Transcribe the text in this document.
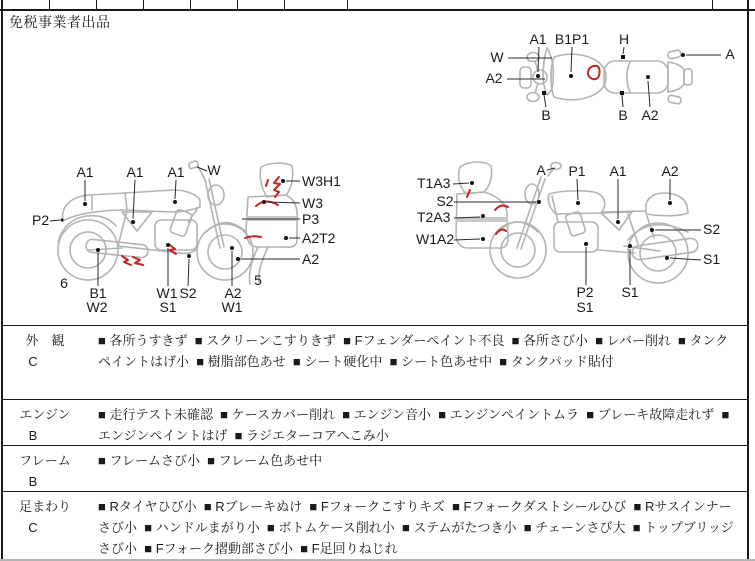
免税事業者出品
A1 B1P1 H
W
A2
A
B	B A2
A1 A1 A1 W
P2
W3H1
W3
P3
A2T2
A2
6
B1
W2
W1
S1
S2 A2
W1
5
T1A3
S2
T2A3
W1A2
A P1 A1 A2
S2
S1
P2
S1
S1
外　観
C
■ 各所うすきず  ■ スクリーンこすりきず  ■ Fフェンダーペイント不良  ■ 各所さび小  ■ レバー削れ  ■ タンクペイントはげ小  ■ 樹脂部色あせ  ■ シート硬化中  ■ シート色あせ中  ■ タンクパッド貼付
エンジン
B
■ 走行テスト未確認  ■ ケースカバー削れ  ■ エンジン音小  ■ エンジンペイントムラ  ■ ブレーキ故障走れず  ■ エンジンペイントはげ  ■ ラジエターコアへこみ小
フレーム
B
■ フレームさび小  ■ フレーム色あせ中
足まわり
C
■ Rタイヤひび小  ■ Rブレーキぬけ  ■ Fフォークこすりキズ  ■ Fフォークダストシールひび  ■ Rサスインナーさび小  ■ ハンドルまがり小  ■ ボトムケース削れ小  ■ ステムがたつき小  ■ チェーンさび大  ■ トップブリッジさび小  ■ Fフォーク摺動部さび小  ■ F足回りねじれ
